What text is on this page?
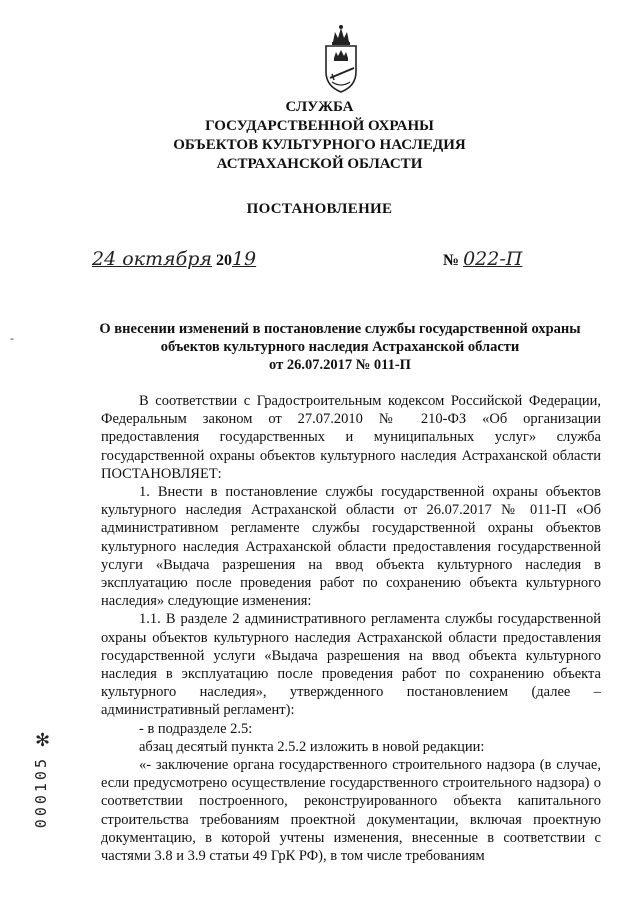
СЛУЖБА
ГОСУДАРСТВЕННОЙ ОХРАНЫ
ОБЪЕКТОВ КУЛЬТУРНОГО НАСЛЕДИЯ
АСТРАХАНСКОЙ ОБЛАСТИ
ПОСТАНОВЛЕНИЕ
24 октября 2019	№ 022-П
О внесении изменений в постановление службы государственной охраны
объектов культурного наследия Астраханской области
от 26.07.2017 № 011-П
-

В соответствии с Градостроительным кодексом Российской Федерации, Федеральным законом от 27.07.2010 № 210-ФЗ «Об организации предоставления государственных и муниципальных услуг» служба государственной охраны объектов культурного наследия Астраханской области ПОСТАНОВЛЯЕТ:

1. Внести в постановление службы государственной охраны объектов культурного наследия Астраханской области от 26.07.2017 № 011-П «Об административном регламенте службы государственной охраны объектов культурного наследия Астраханской области предоставления государственной услуги «Выдача разрешения на ввод объекта культурного наследия в эксплуатацию после проведения работ по сохранению объекта культурного наследия» следующие изменения:

1.1. В разделе 2 административного регламента службы государственной охраны объектов культурного наследия Астраханской области предоставления государственной услуги «Выдача разрешения на ввод объекта культурного наследия в эксплуатацию после проведения работ по сохранению объекта культурного наследия», утвержденного постановлением (далее – административный регламент):

- в подразделе 2.5:

абзац десятый пункта 2.5.2 изложить в новой редакции:

«- заключение органа государственного строительного надзора (в случае, если предусмотрено осуществление государственного строительного надзора) о соответствии построенного, реконструированного объекта капитального строительства требованиям проектной документации, включая проектную документацию, в которой учтены изменения, внесенные в соответствии с частями 3.8 и 3.9 статьи 49 ГрК РФ), в том числе требованиям

✻
000105
